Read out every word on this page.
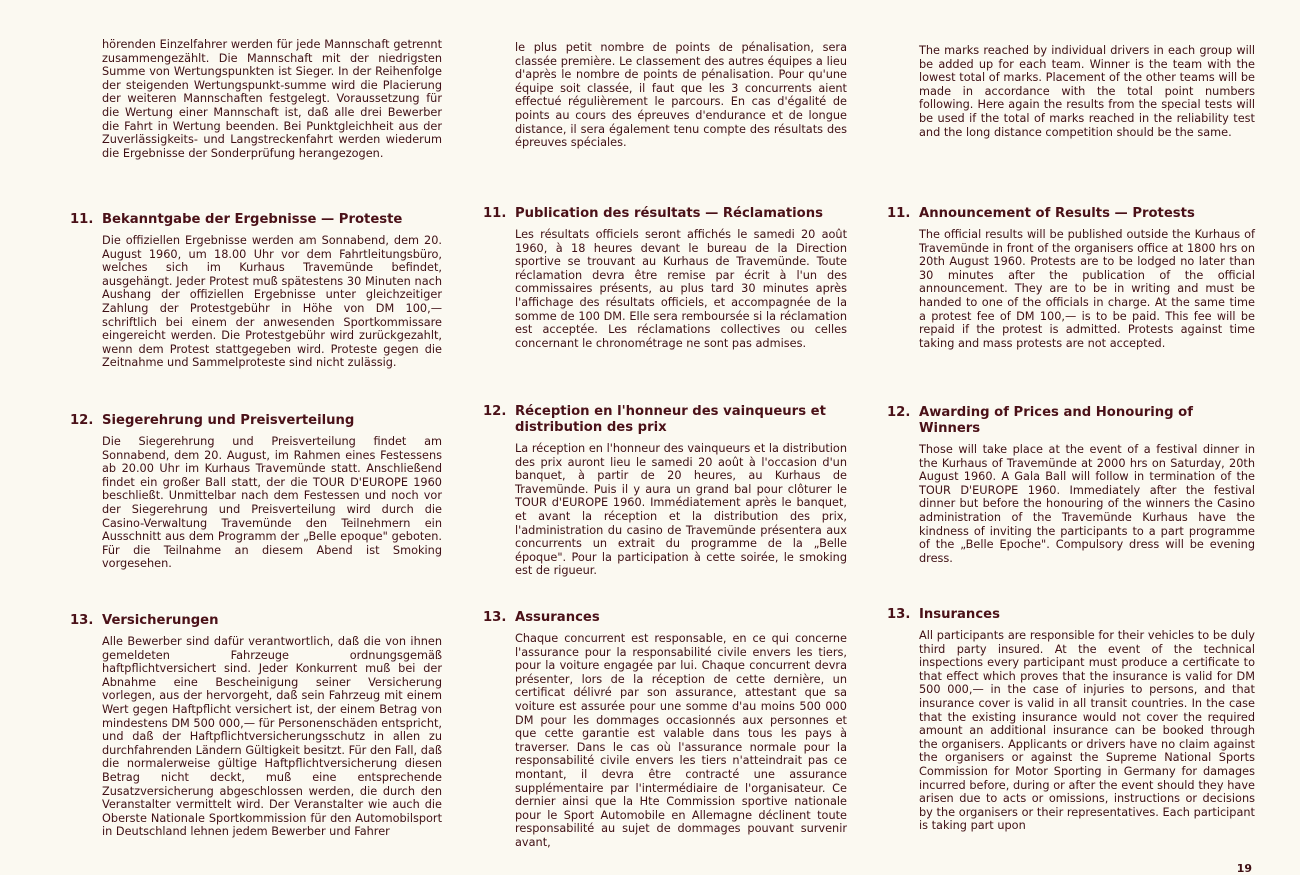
hörenden Einzelfahrer werden für jede Mannschaft getrennt zusammengezählt. Die Mannschaft mit der niedrigsten Summe von Wertungspunkten ist Sieger. In der Reihenfolge der steigenden Wertungspunkt-summe wird die Placierung der weiteren Mannschaften festgelegt. Voraussetzung für die Wertung einer Mannschaft ist, daß alle drei Bewerber die Fahrt in Wertung beenden. Bei Punktgleichheit aus der Zuverlässigkeits- und Langstreckenfahrt werden wiederum die Ergebnisse der Sonderprüfung herangezogen.

11. Bekanntgabe der Ergebnisse — Proteste

Die offiziellen Ergebnisse werden am Sonnabend, dem 20. August 1960, um 18.00 Uhr vor dem Fahrtleitungsbüro, welches sich im Kurhaus Travemünde befindet, ausgehängt. Jeder Protest muß spätestens 30 Minuten nach Aushang der offiziellen Ergebnisse unter gleichzeitiger Zahlung der Protestgebühr in Höhe von DM 100,— schriftlich bei einem der anwesenden Sportkommissare eingereicht werden. Die Protestgebühr wird zurückgezahlt, wenn dem Protest stattgegeben wird. Proteste gegen die Zeitnahme und Sammelproteste sind nicht zulässig.

12. Siegerehrung und Preisverteilung

Die Siegerehrung und Preisverteilung findet am Sonnabend, dem 20. August, im Rahmen eines Festessens ab 20.00 Uhr im Kurhaus Travemünde statt. Anschließend findet ein großer Ball statt, der die TOUR D'EUROPE 1960 beschließt. Unmittelbar nach dem Festessen und noch vor der Siegerehrung und Preisverteilung wird durch die Casino-Verwaltung Travemünde den Teilnehmern ein Ausschnitt aus dem Programm der „Belle epoque" geboten. Für die Teilnahme an diesem Abend ist Smoking vorgesehen.

13. Versicherungen

Alle Bewerber sind dafür verantwortlich, daß die von ihnen gemeldeten Fahrzeuge ordnungsgemäß haftpflichtversichert sind. Jeder Konkurrent muß bei der Abnahme eine Bescheinigung seiner Versicherung vorlegen, aus der hervorgeht, daß sein Fahrzeug mit einem Wert gegen Haftpflicht versichert ist, der einem Betrag von mindestens DM 500 000,— für Personenschäden entspricht, und daß der Haftpflichtversicherungsschutz in allen zu durchfahrenden Ländern Gültigkeit besitzt. Für den Fall, daß die normalerweise gültige Haftpflichtversicherung diesen Betrag nicht deckt, muß eine entsprechende Zusatzversicherung abgeschlossen werden, die durch den Veranstalter vermittelt wird. Der Veranstalter wie auch die Oberste Nationale Sportkommission für den Automobilsport in Deutschland lehnen jedem Bewerber und Fahrer

le plus petit nombre de points de pénalisation, sera classée première. Le classement des autres équipes a lieu d'après le nombre de points de pénalisation. Pour qu'une équipe soit classée, il faut que les 3 concurrents aient effectué régulièrement le parcours. En cas d'égalité de points au cours des épreuves d'endurance et de longue distance, il sera également tenu compte des résultats des épreuves spéciales.

11. Publication des résultats — Réclamations

Les résultats officiels seront affichés le samedi 20 août 1960, à 18 heures devant le bureau de la Direction sportive se trouvant au Kurhaus de Travemünde. Toute réclamation devra être remise par écrit à l'un des commissaires présents, au plus tard 30 minutes après l'affichage des résultats officiels, et accompagnée de la somme de 100 DM. Elle sera remboursée si la réclamation est acceptée. Les réclamations collectives ou celles concernant le chronométrage ne sont pas admises.

12. Réception en l'honneur des vainqueurs et distribution des prix

La réception en l'honneur des vainqueurs et la distribution des prix auront lieu le samedi 20 août à l'occasion d'un banquet, à partir de 20 heures, au Kurhaus de Travemünde. Puis il y aura un grand bal pour clôturer le TOUR d'EUROPE 1960. Immédiatement après le banquet, et avant la réception et la distribution des prix, l'administration du casino de Travemünde présentera aux concurrents un extrait du programme de la „Belle époque". Pour la participation à cette soirée, le smoking est de rigueur.

13. Assurances

Chaque concurrent est responsable, en ce qui concerne l'assurance pour la responsabilité civile envers les tiers, pour la voiture engagée par lui. Chaque concurrent devra présenter, lors de la réception de cette dernière, un certificat délivré par son assurance, attestant que sa voiture est assurée pour une somme d'au moins 500 000 DM pour les dommages occasionnés aux personnes et que cette garantie est valable dans tous les pays à traverser. Dans le cas où l'assurance normale pour la responsabilité civile envers les tiers n'atteindrait pas ce montant, il devra être contracté une assurance supplémentaire par l'intermédiaire de l'organisateur. Ce dernier ainsi que la Hte Commission sportive nationale pour le Sport Automobile en Allemagne déclinent toute responsabilité au sujet de dommages pouvant survenir avant,

The marks reached by individual drivers in each group will be added up for each team. Winner is the team with the lowest total of marks. Placement of the other teams will be made in accordance with the total point numbers following. Here again the results from the special tests will be used if the total of marks reached in the reliability test and the long distance competition should be the same.

11. Announcement of Results — Protests

The official results will be published outside the Kurhaus of Travemünde in front of the organisers office at 1800 hrs on 20th August 1960. Protests are to be lodged no later than 30 minutes after the publication of the official announcement. They are to be in writing and must be handed to one of the officials in charge. At the same time a protest fee of DM 100,— is to be paid. This fee will be repaid if the protest is admitted. Protests against time taking and mass protests are not accepted.

12. Awarding of Prices and Honouring of Winners

Those will take place at the event of a festival dinner in the Kurhaus of Travemünde at 2000 hrs on Saturday, 20th August 1960. A Gala Ball will follow in termination of the TOUR D'EUROPE 1960. Immediately after the festival dinner but before the honouring of the winners the Casino administration of the Travemünde Kurhaus have the kindness of inviting the participants to a part programme of the „Belle Epoche". Compulsory dress will be evening dress.

13. Insurances

All participants are responsible for their vehicles to be duly third party insured. At the event of the technical inspections every participant must produce a certificate to that effect which proves that the insurance is valid for DM 500 000,— in the case of injuries to persons, and that insurance cover is valid in all transit countries. In the case that the existing insurance would not cover the required amount an additional insurance can be booked through the organisers. Applicants or drivers have no claim against the organisers or against the Supreme National Sports Commission for Motor Sporting in Germany for damages incurred before, during or after the event should they have arisen due to acts or omissions, instructions or decisions by the organisers or their representatives. Each participant is taking part upon

19
